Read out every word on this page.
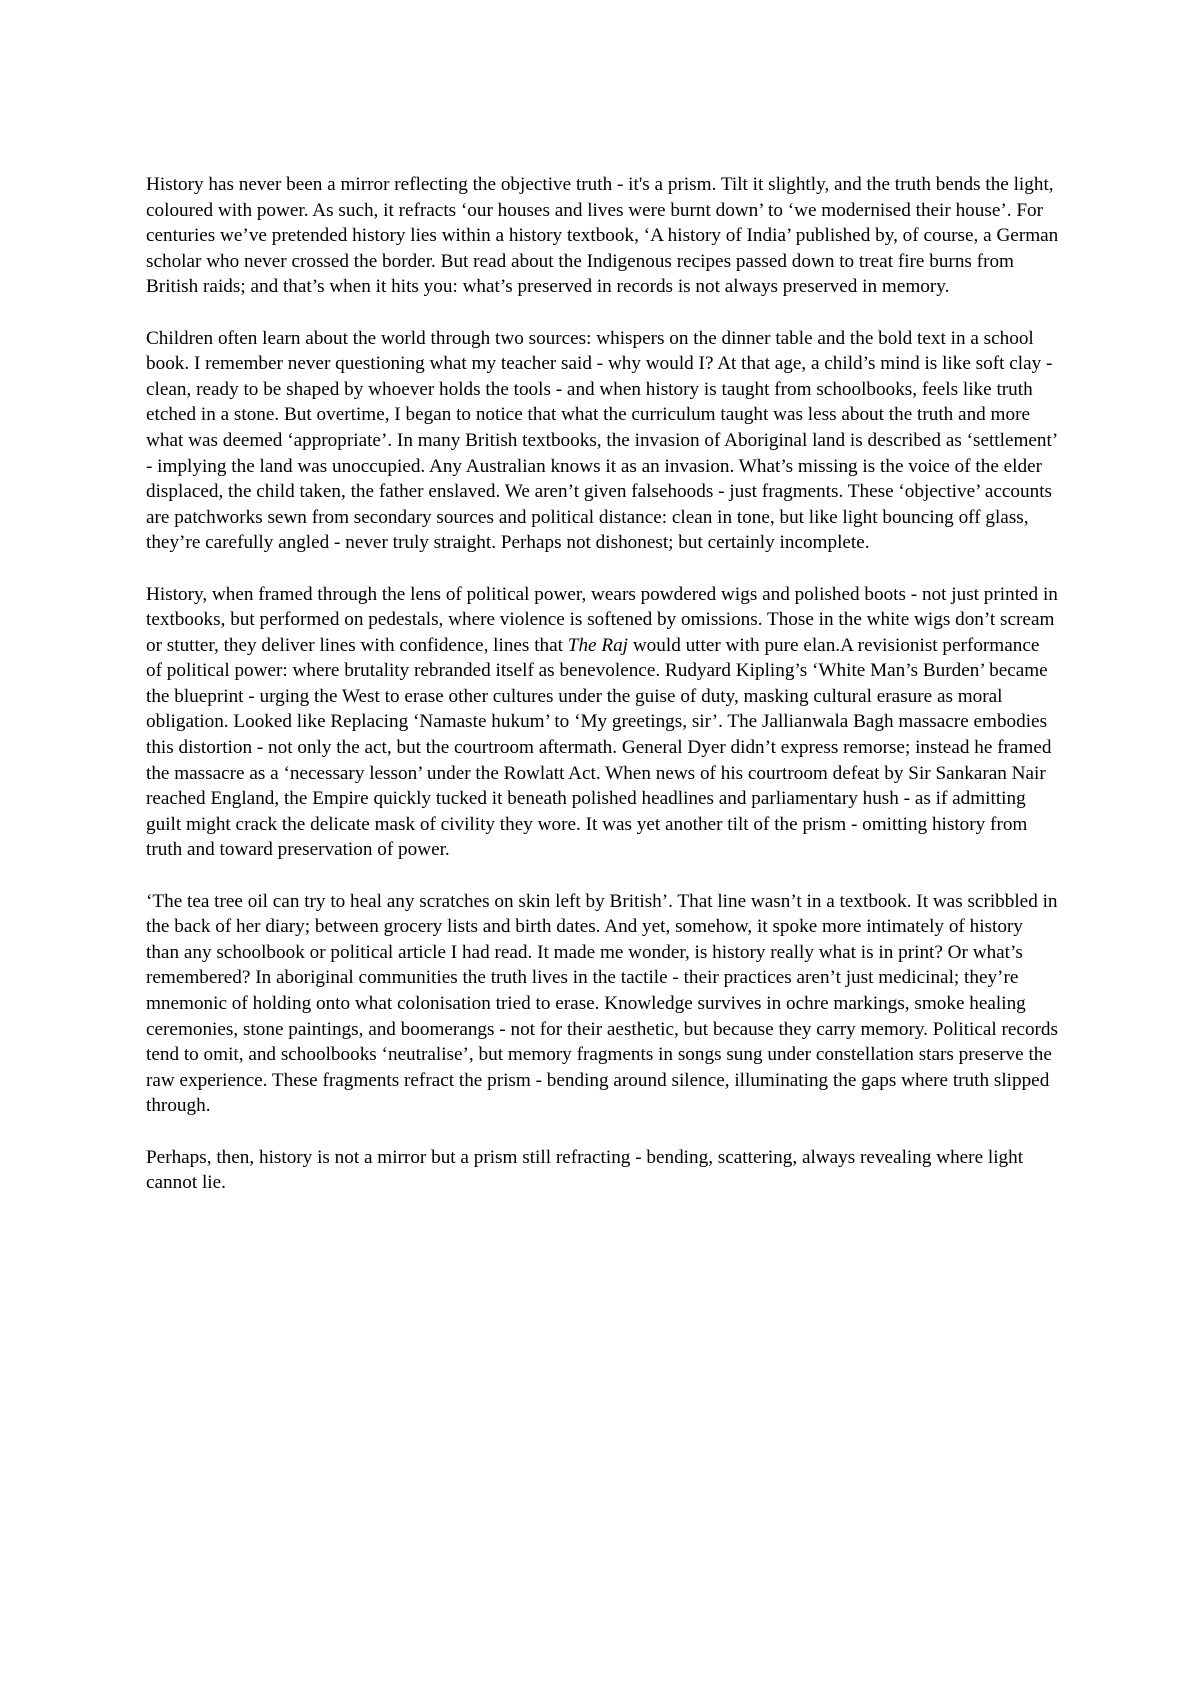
History has never been a mirror reflecting the objective truth - it's a prism. Tilt it slightly, and the truth bends the light, coloured with power. As such, it refracts ‘our houses and lives were burnt down’ to ‘we modernised their house’. For centuries we’ve pretended history lies within a history textbook, ‘A history of India’ published by, of course, a German scholar who never crossed the border. But read about the Indigenous recipes passed down to treat fire burns from British raids; and that’s when it hits you: what’s preserved in records is not always preserved in memory.

Children often learn about the world through two sources: whispers on the dinner table and the bold text in a school book. I remember never questioning what my teacher said - why would I? At that age, a child’s mind is like soft clay - clean, ready to be shaped by whoever holds the tools - and when history is taught from schoolbooks, feels like truth etched in a stone. But overtime, I began to notice that what the curriculum taught was less about the truth and more what was deemed ‘appropriate’. In many British textbooks, the invasion of Aboriginal land is described as ‘settlement’ - implying the land was unoccupied. Any Australian knows it as an invasion. What’s missing is the voice of the elder displaced, the child taken, the father enslaved. We aren’t given falsehoods - just fragments. These ‘objective’ accounts are patchworks sewn from secondary sources and political distance: clean in tone, but like light bouncing off glass, they’re carefully angled - never truly straight. Perhaps not dishonest; but certainly incomplete.

History, when framed through the lens of political power, wears powdered wigs and polished boots - not just printed in textbooks, but performed on pedestals, where violence is softened by omissions. Those in the white wigs don’t scream or stutter, they deliver lines with confidence, lines that The Raj would utter with pure elan.A revisionist performance of political power: where brutality rebranded itself as benevolence. Rudyard Kipling’s ‘White Man’s Burden’ became the blueprint - urging the West to erase other cultures under the guise of duty, masking cultural erasure as moral obligation. Looked like Replacing ‘Namaste hukum’ to ‘My greetings, sir’. The Jallianwala Bagh massacre embodies this distortion - not only the act, but the courtroom aftermath. General Dyer didn’t express remorse; instead he framed the massacre as a ‘necessary lesson’ under the Rowlatt Act. When news of his courtroom defeat by Sir Sankaran Nair reached England, the Empire quickly tucked it beneath polished headlines and parliamentary hush - as if admitting guilt might crack the delicate mask of civility they wore. It was yet another tilt of the prism - omitting history from truth and toward preservation of power.

‘The tea tree oil can try to heal any scratches on skin left by British’. That line wasn’t in a textbook. It was scribbled in the back of her diary; between grocery lists and birth dates. And yet, somehow, it spoke more intimately of history than any schoolbook or political article I had read. It made me wonder, is history really what is in print? Or what’s remembered? In aboriginal communities the truth lives in the tactile - their practices aren’t just medicinal; they’re mnemonic of holding onto what colonisation tried to erase. Knowledge survives in ochre markings, smoke healing ceremonies, stone paintings, and boomerangs - not for their aesthetic, but because they carry memory. Political records tend to omit, and schoolbooks ‘neutralise’, but memory fragments in songs sung under constellation stars preserve the raw experience. These fragments refract the prism - bending around silence, illuminating the gaps where truth slipped through.

Perhaps, then, history is not a mirror but a prism still refracting - bending, scattering, always revealing where light cannot lie.
